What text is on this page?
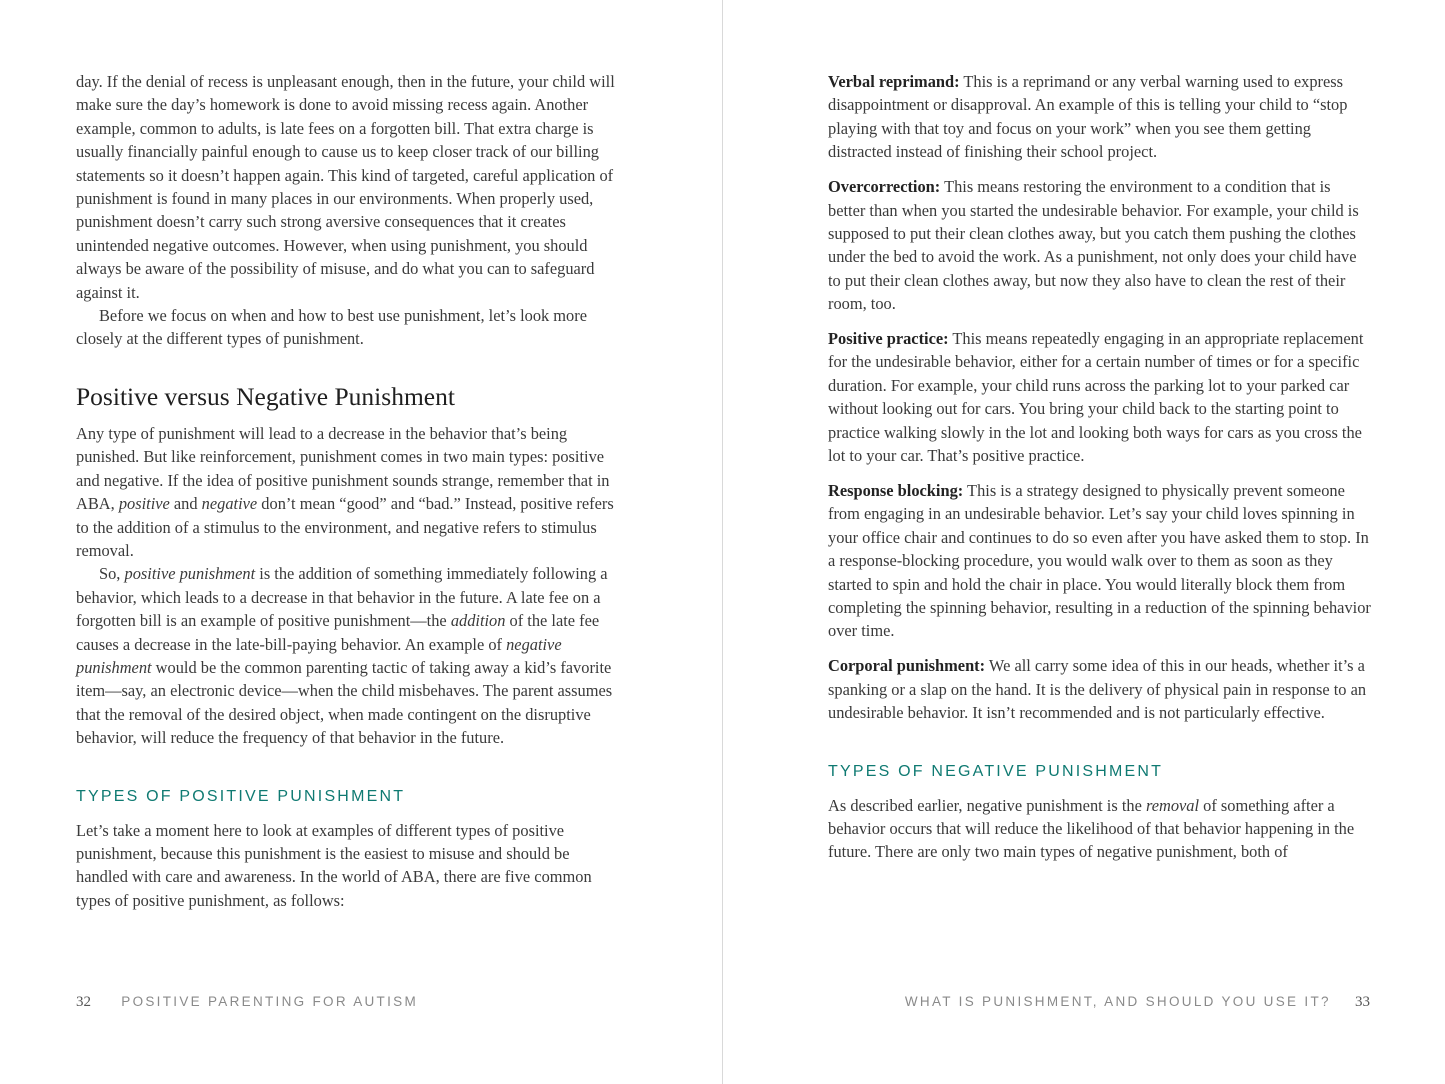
day. If the denial of recess is unpleasant enough, then in the future, your child will make sure the day’s homework is done to avoid missing recess again. Another example, common to adults, is late fees on a forgotten bill. That extra charge is usually financially painful enough to cause us to keep closer track of our billing statements so it doesn’t happen again. This kind of targeted, careful application of punishment is found in many places in our environments. When properly used, punishment doesn’t carry such strong aversive consequences that it creates unintended negative outcomes. However, when using punishment, you should always be aware of the possibility of misuse, and do what you can to safeguard against it.

Before we focus on when and how to best use punishment, let’s look more closely at the different types of punishment.

Positive versus Negative Punishment

Any type of punishment will lead to a decrease in the behavior that’s being punished. But like reinforcement, punishment comes in two main types: positive and negative. If the idea of positive punishment sounds strange, remember that in ABA, positive and negative don’t mean “good” and “bad.” Instead, positive refers to the addition of a stimulus to the environment, and negative refers to stimulus removal.

So, positive punishment is the addition of something immediately following a behavior, which leads to a decrease in that behavior in the future. A late fee on a forgotten bill is an example of positive punishment—the addition of the late fee causes a decrease in the late-bill-paying behavior. An example of negative punishment would be the common parenting tactic of taking away a kid’s favorite item—say, an electronic device—when the child misbehaves. The parent assumes that the removal of the desired object, when made contingent on the disruptive behavior, will reduce the frequency of that behavior in the future.

TYPES OF POSITIVE PUNISHMENT

Let’s take a moment here to look at examples of different types of positive punishment, because this punishment is the easiest to misuse and should be handled with care and awareness. In the world of ABA, there are five common types of positive punishment, as follows:

32 POSITIVE PARENTING FOR AUTISM

Verbal reprimand: This is a reprimand or any verbal warning used to express disappointment or disapproval. An example of this is telling your child to “stop playing with that toy and focus on your work” when you see them getting distracted instead of finishing their school project.

Overcorrection: This means restoring the environment to a condition that is better than when you started the undesirable behavior. For example, your child is supposed to put their clean clothes away, but you catch them pushing the clothes under the bed to avoid the work. As a punishment, not only does your child have to put their clean clothes away, but now they also have to clean the rest of their room, too.

Positive practice: This means repeatedly engaging in an appropriate replacement for the undesirable behavior, either for a certain number of times or for a specific duration. For example, your child runs across the parking lot to your parked car without looking out for cars. You bring your child back to the starting point to practice walking slowly in the lot and looking both ways for cars as you cross the lot to your car. That’s positive practice.

Response blocking: This is a strategy designed to physically prevent someone from engaging in an undesirable behavior. Let’s say your child loves spinning in your office chair and continues to do so even after you have asked them to stop. In a response-blocking procedure, you would walk over to them as soon as they started to spin and hold the chair in place. You would literally block them from completing the spinning behavior, resulting in a reduction of the spinning behavior over time.

Corporal punishment: We all carry some idea of this in our heads, whether it’s a spanking or a slap on the hand. It is the delivery of physical pain in response to an undesirable behavior. It isn’t recommended and is not particularly effective.

TYPES OF NEGATIVE PUNISHMENT

As described earlier, negative punishment is the removal of something after a behavior occurs that will reduce the likelihood of that behavior happening in the future. There are only two main types of negative punishment, both of

WHAT IS PUNISHMENT, AND SHOULD YOU USE IT? 33
